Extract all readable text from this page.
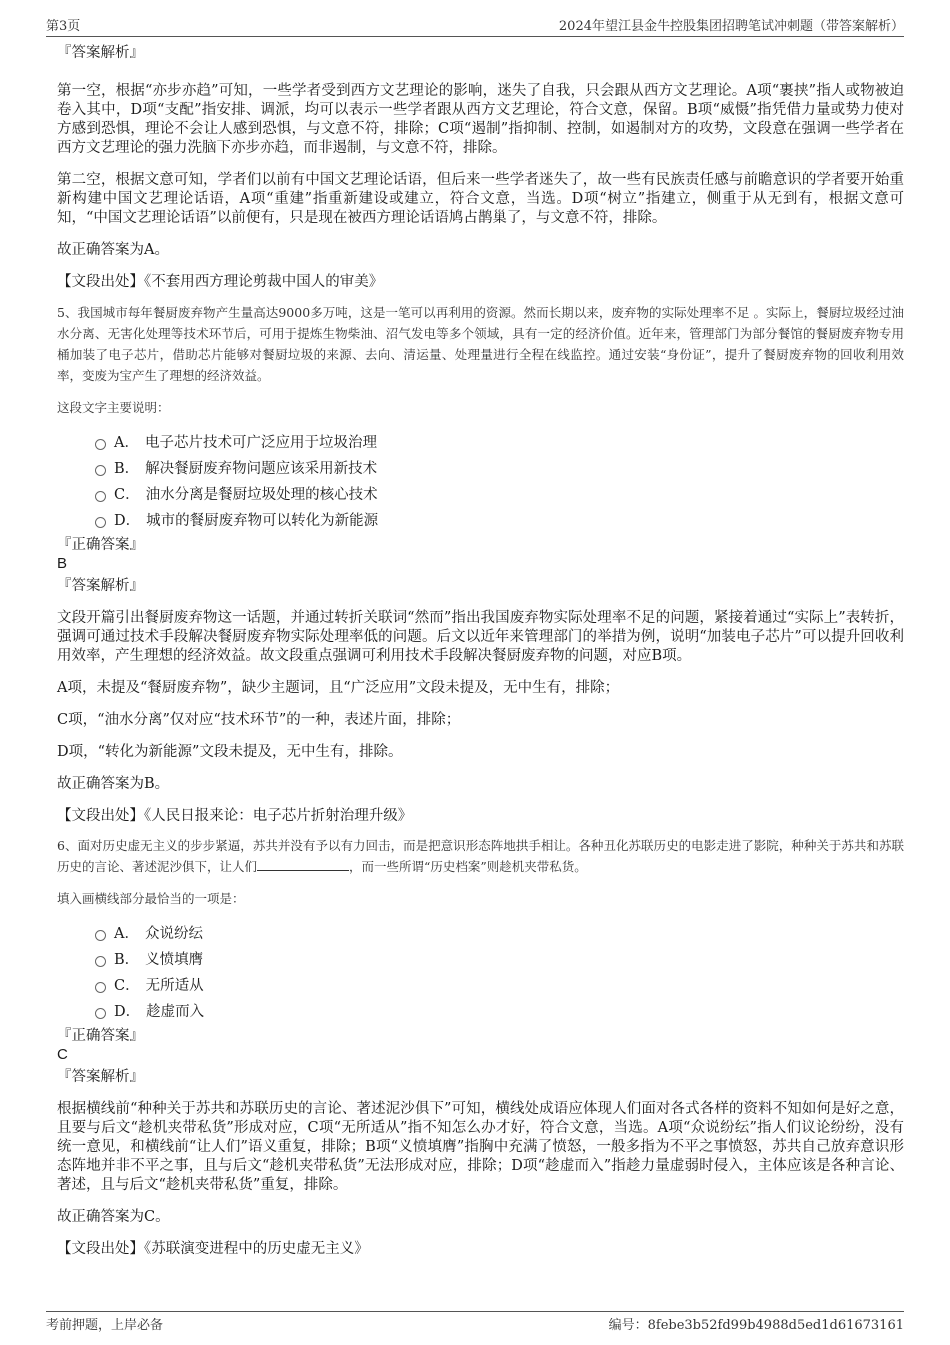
第3页	2024年望江县金牛控股集团招聘笔试冲刺题（带答案解析）

『答案解析』

第一空，根据“亦步亦趋”可知，一些学者受到西方文艺理论的影响，迷失了自我，只会跟从西方文艺理论。A项“裹挟”指人或物被迫卷入其中，D项“支配”指安排、调派，均可以表示一些学者跟从西方文艺理论，符合文意，保留。B项“威慑”指凭借力量或势力使对方感到恐惧，理论不会让人感到恐惧，与文意不符，排除；C项“遏制”指抑制、控制，如遏制对方的攻势，文段意在强调一些学者在西方文艺理论的强力洗脑下亦步亦趋，而非遏制，与文意不符，排除。

第二空，根据文意可知，学者们以前有中国文艺理论话语，但后来一些学者迷失了，故一些有民族责任感与前瞻意识的学者要开始重新构建中国文艺理论话语，A项“重建”指重新建设或建立，符合文意，当选。D项“树立”指建立，侧重于从无到有，根据文意可知，“中国文艺理论话语”以前便有，只是现在被西方理论话语鸠占鹊巢了，与文意不符，排除。

故正确答案为A。

【文段出处】《不套用西方理论剪裁中国人的审美》

5、我国城市每年餐厨废弃物产生量高达9000多万吨，这是一笔可以再利用的资源。然而长期以来，废弃物的实际处理率不足 。实际上，餐厨垃圾经过油水分离、无害化处理等技术环节后，可用于提炼生物柴油、沼气发电等多个领域，具有一定的经济价值。近年来，管理部门为部分餐馆的餐厨废弃物专用桶加装了电子芯片，借助芯片能够对餐厨垃圾的来源、去向、清运量、处理量进行全程在线监控。通过安装“身份证”，提升了餐厨废弃物的回收利用效率，变废为宝产生了理想的经济效益。

这段文字主要说明：

A． 电子芯片技术可广泛应用于垃圾治理
B． 解决餐厨废弃物问题应该采用新技术
C． 油水分离是餐厨垃圾处理的核心技术
D． 城市的餐厨废弃物可以转化为新能源

『正确答案』

B

『答案解析』

文段开篇引出餐厨废弃物这一话题，并通过转折关联词“然而”指出我国废弃物实际处理率不足的问题，紧接着通过“实际上”表转折，强调可通过技术手段解决餐厨废弃物实际处理率低的问题。后文以近年来管理部门的举措为例，说明“加装电子芯片”可以提升回收利用效率，产生理想的经济效益。故文段重点强调可利用技术手段解决餐厨废弃物的问题，对应B项。

A项，未提及“餐厨废弃物”，缺少主题词，且“广泛应用”文段未提及，无中生有，排除；

C项，“油水分离”仅对应“技术环节”的一种，表述片面，排除；

D项，“转化为新能源”文段未提及，无中生有，排除。

故正确答案为B。

【文段出处】《人民日报来论：电子芯片折射治理升级》

6、面对历史虚无主义的步步紧逼，苏共并没有予以有力回击，而是把意识形态阵地拱手相让。各种丑化苏联历史的电影走进了影院，种种关于苏共和苏联历史的言论、著述泥沙俱下，让人们	，而一些所谓“历史档案”则趁机夹带私货。

填入画横线部分最恰当的一项是：

A． 众说纷纭
B． 义愤填膺
C． 无所适从
D． 趁虚而入

『正确答案』

C

『答案解析』

根据横线前“种种关于苏共和苏联历史的言论、著述泥沙俱下”可知，横线处成语应体现人们面对各式各样的资料不知如何是好之意，且要与后文“趁机夹带私货”形成对应，C项“无所适从”指不知怎么办才好，符合文意，当选。A项“众说纷纭”指人们议论纷纷，没有统一意见，和横线前“让人们”语义重复，排除；B项“义愤填膺”指胸中充满了愤怒，一般多指为不平之事愤怒，苏共自己放弃意识形态阵地并非不平之事，且与后文“趁机夹带私货”无法形成对应，排除；D项“趁虚而入”指趁力量虚弱时侵入，主体应该是各种言论、著述，且与后文“趁机夹带私货”重复，排除。

故正确答案为C。

【文段出处】《苏联演变进程中的历史虚无主义》

考前押题，上岸必备	编号：8febe3b52fd99b4988d5ed1d61673161
